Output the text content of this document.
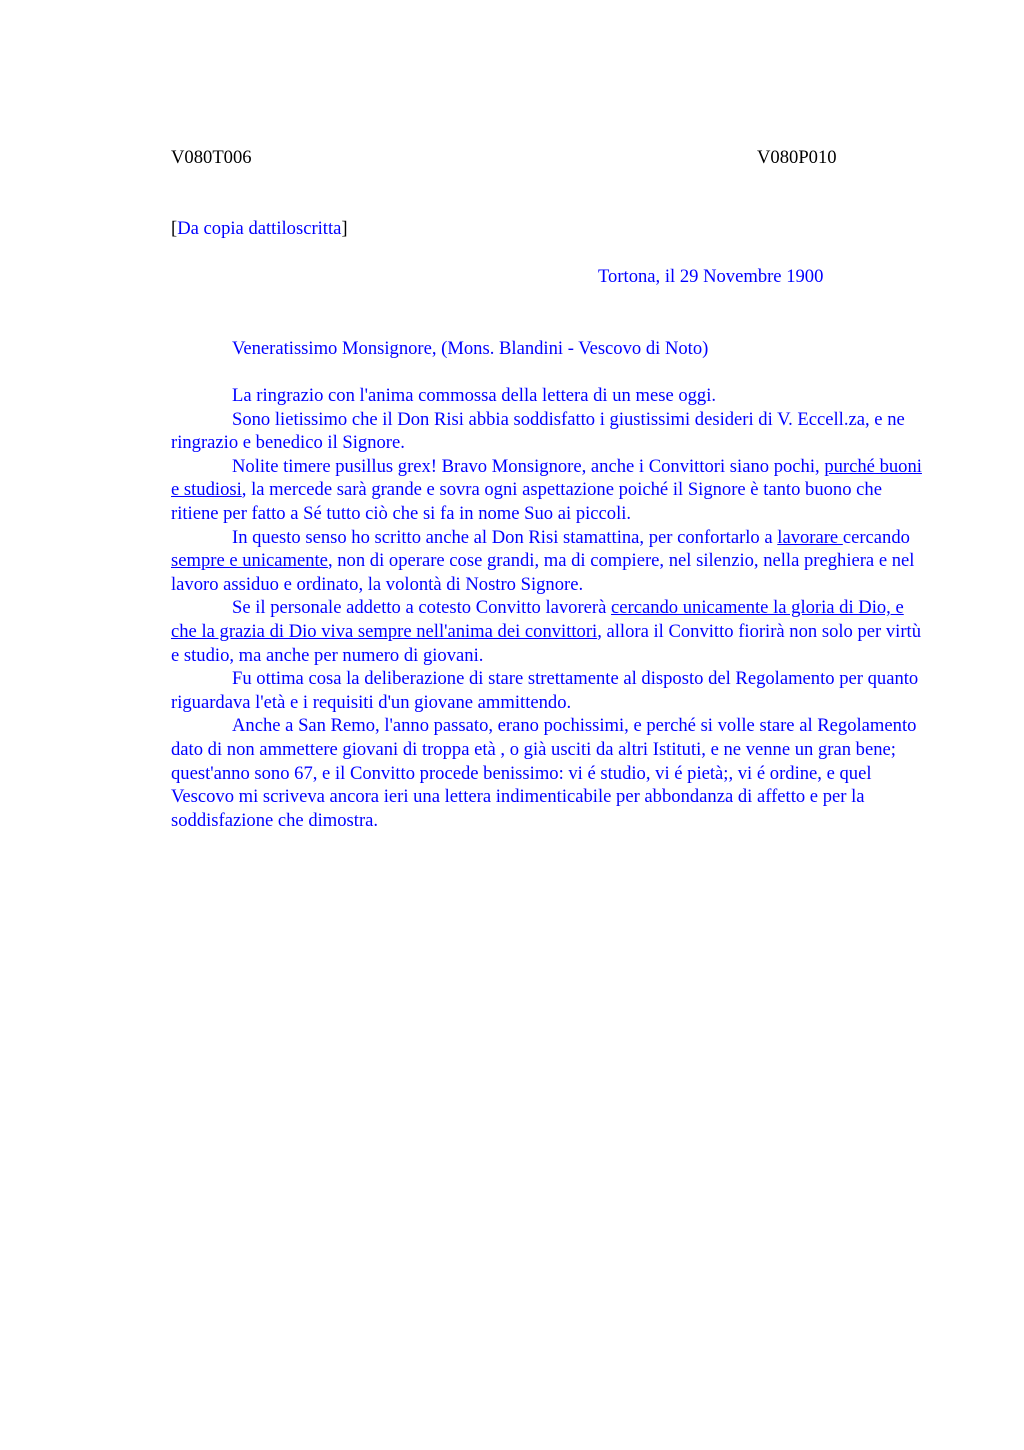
V080T006	V080P010
[Da copia dattiloscritta]
Tortona, il 29 Novembre 1900
Veneratissimo Monsignore, (Mons. Blandini - Vescovo di Noto)

La ringrazio con l'anima commossa della lettera di un mese oggi.

Sono lietissimo che il Don Risi abbia soddisfatto i giustissimi desideri di V. Eccell.za, e ne ringrazio e benedico il Signore.

Nolite timere pusillus grex! Bravo Monsignore, anche i Convittori siano pochi, purché buoni e studiosi, la mercede sarà grande e sovra ogni aspettazione poiché il Signore è tanto buono che ritiene per fatto a Sé tutto ciò che si fa in nome Suo ai piccoli.

In questo senso ho scritto anche al Don Risi stamattina, per confortarlo a lavorare cercando sempre e unicamente, non di operare cose grandi, ma di compiere, nel silenzio, nella preghiera e nel lavoro assiduo e ordinato, la volontà di Nostro Signore.

Se il personale addetto a cotesto Convitto lavorerà cercando unicamente la gloria di Dio, e che la grazia di Dio viva sempre nell'anima dei convittori, allora il Convitto fiorirà non solo per virtù e studio, ma anche per numero di giovani.

Fu ottima cosa la deliberazione di stare strettamente al disposto del Regolamento per quanto riguardava l'età e i requisiti d'un giovane ammittendo.

Anche a San Remo, l'anno passato, erano pochissimi, e perché si volle stare al Regolamento dato di non ammettere giovani di troppa età , o già usciti da altri Istituti, e ne venne un gran bene; quest'anno sono 67, e il Convitto procede benissimo: vi é studio, vi é pietà;, vi é ordine, e quel Vescovo mi scriveva ancora ieri una lettera indimenticabile per abbondanza di affetto e per la soddisfazione che dimostra.
